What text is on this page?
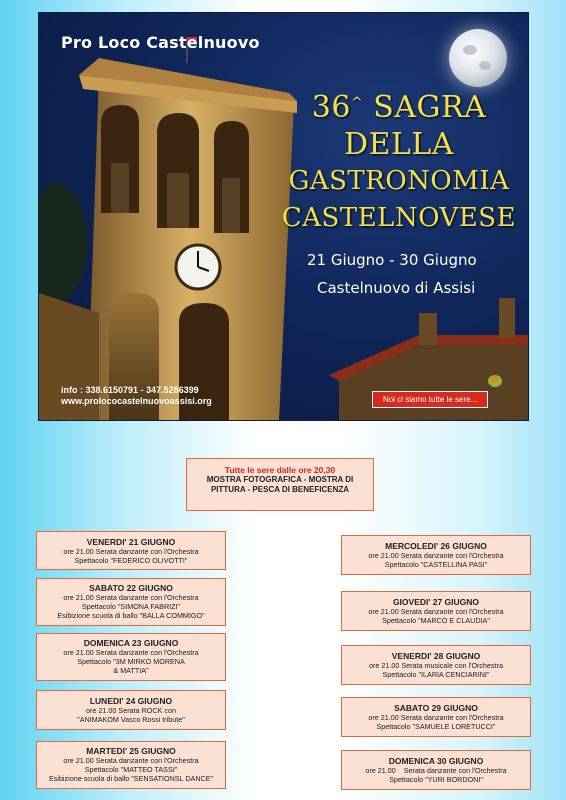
Pro Loco Castelnuovo
36^ SAGRA
DELLA
GASTRONOMIA
CASTELNOVESE
21 Giugno - 30 Giugno
Castelnuovo di Assisi
info : 338.6150791 - 347.5286399
www.prolococastelnuovoassisi.org	Noi ci siamo tutte le sere...
Tutte le sere dalle ore 20,30
MOSTRA FOTOGRAFICA - MOSTRA DI
PITTURA - PESCA DI BENEFICENZA
VENERDI' 21 GIUGNO
ore 21.00 Serata danzante con l'Orchestra
Spettacolo "FEDERICO OLIVOTTI"
SABATO 22 GIUGNO
ore 21.00 Serata danzante con l'Orchestra
Spettacolo "SIMONA FABRIZI"
Esibizione scuola di ballo "BALLA COMMIGO"
DOMENICA 23 GIUGNO
ore 21.00 Serata danzante con l'Orchestra
Spettacolo "3M MIRKO MORENA
& MATTIA"
LUNEDI' 24 GIUGNO
ore 21.00 Serata ROCK con
"ANIMAKOM Vasco Rossi tribute"
MARTEDI' 25 GIUGNO
ore 21.00 Serata danzante con l'Orchestra
Spettacolo "MATTEO TASSI"
Esibizione scuola di ballo "SENSATIONSL DANCE"
MERCOLEDI' 26 GIUGNO
ore 21.00 Serata danzante con l'Orchestra
Spettacolo "CASTELLINA PASI"
GIOVEDI' 27 GIUGNO
ore 21.00 Serata danzante con l'Orchestra
Spettacolo "MARCO E CLAUDIA"
VENERDI' 28 GIUGNO
ore 21.00 Serata musicale con l'Orchestra
Spettacolo "ILARIA CENCIARINI"
SABATO 29 GIUGNO
ore 21.00 Serata danzante con l'Orchestra
Spettacolo "SAMUELE LORETUCCI"
DOMENICA 30 GIUGNO
ore 21.00    Serata danzante con l'Orchestra
Spettacolo "YURI BORDONI"
